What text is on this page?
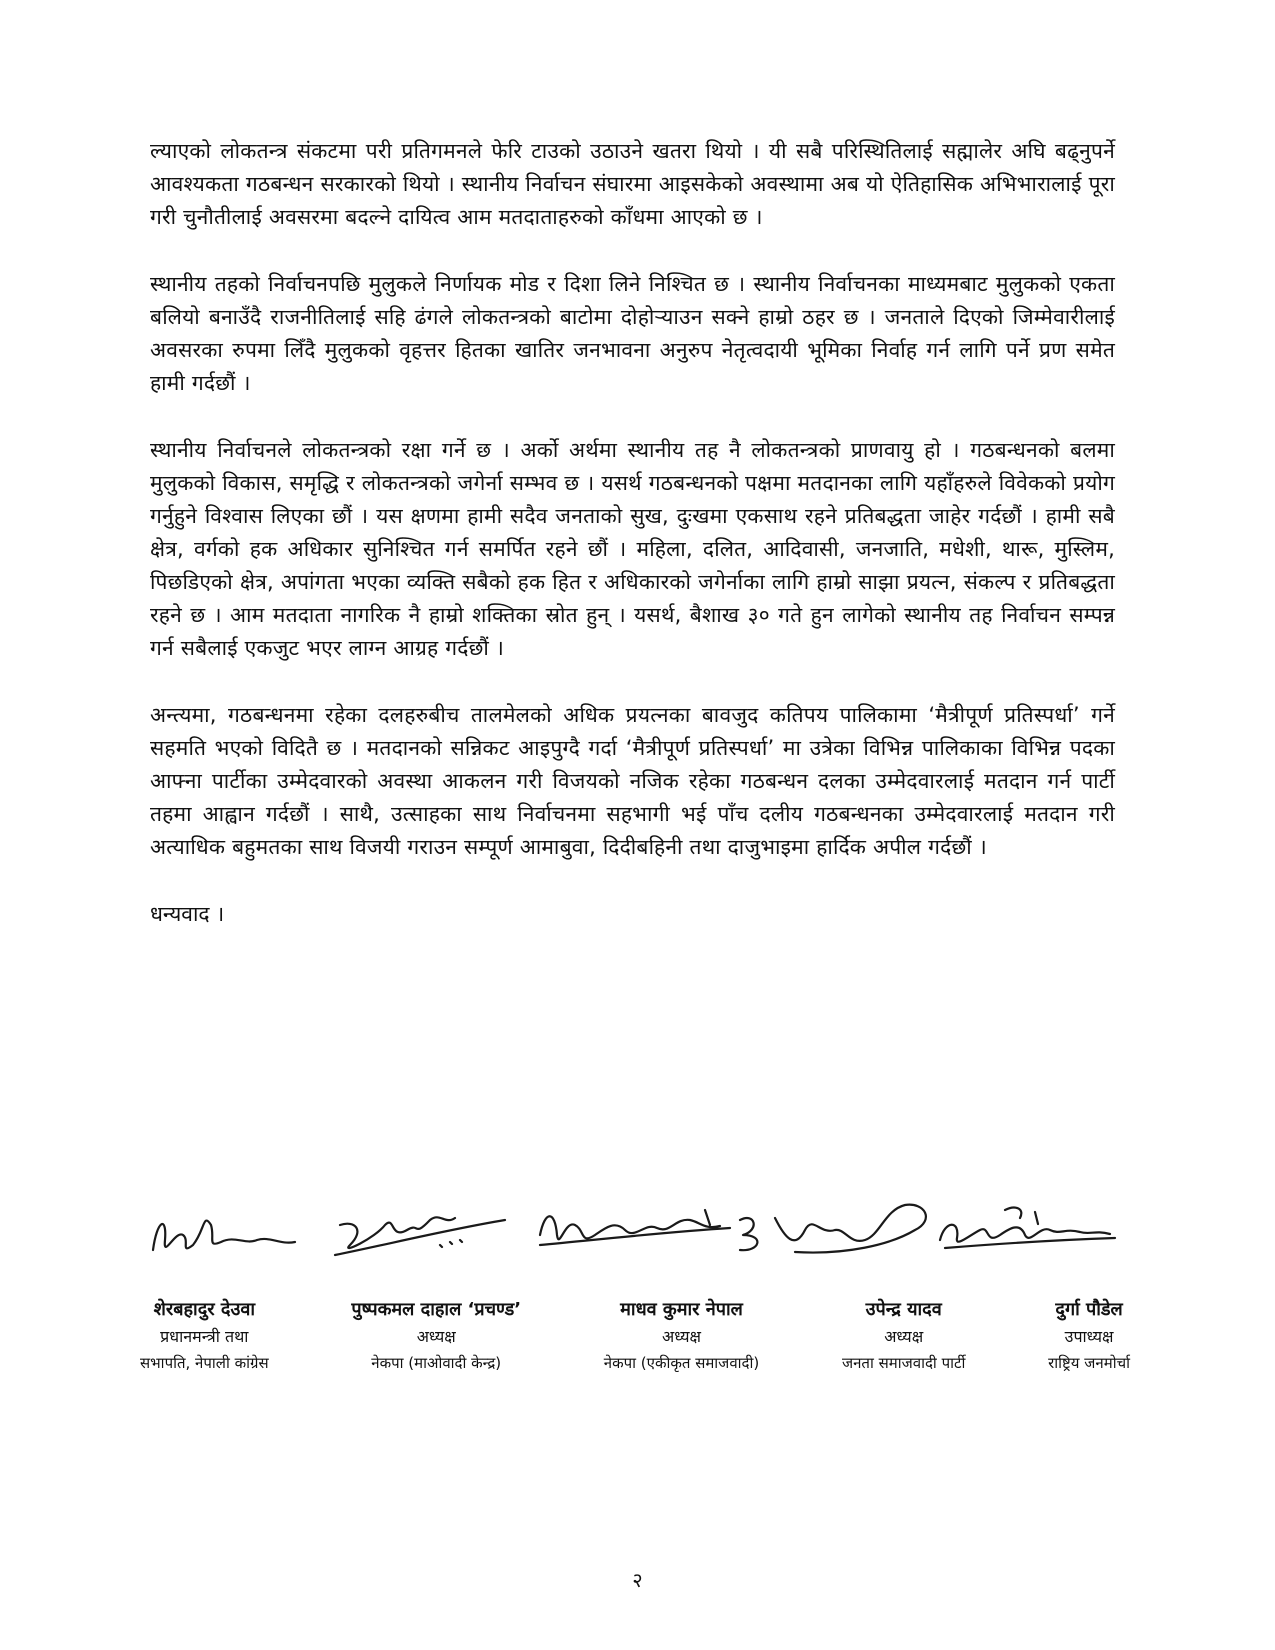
ल्याएको लोकतन्त्र संकटमा परी प्रतिगमनले फेरि टाउको उठाउने खतरा थियो । यी सबै परिस्थितिलाई सह्मालेर अघि बढ्नुपर्ने आवश्यकता गठबन्धन सरकारको थियो । स्थानीय निर्वाचन संघारमा आइसकेको अवस्थामा अब यो ऐतिहासिक अभिभारालाई पूरा गरी चुनौतीलाई अवसरमा बदल्ने दायित्व आम मतदाताहरुको काँधमा आएको छ ।

स्थानीय तहको निर्वाचनपछि मुलुकले निर्णायक मोड र दिशा लिने निश्चित छ । स्थानीय निर्वाचनका माध्यमबाट मुलुकको एकता बलियो बनाउँदै राजनीतिलाई सहि ढंगले लोकतन्त्रको बाटोमा दोहोर्‍याउन सक्ने हाम्रो ठहर छ । जनताले दिएको जिम्मेवारीलाई अवसरका रुपमा लिँदै मुलुकको वृहत्तर हितका खातिर जनभावना अनुरुप नेतृत्वदायी भूमिका निर्वाह गर्न लागि पर्ने प्रण समेत हामी गर्दछौं ।

स्थानीय निर्वाचनले लोकतन्त्रको रक्षा गर्ने छ । अर्को अर्थमा स्थानीय तह नै लोकतन्त्रको प्राणवायु हो । गठबन्धनको बलमा मुलुकको विकास, समृद्धि र लोकतन्त्रको जगेर्ना सम्भव छ । यसर्थ गठबन्धनको पक्षमा मतदानका लागि यहाँहरुले विवेकको प्रयोग गर्नुहुने विश्वास लिएका छौं । यस क्षणमा हामी सदैव जनताको सुख, दुःखमा एकसाथ रहने प्रतिबद्धता जाहेर गर्दछौं । हामी सबै क्षेत्र, वर्गको हक अधिकार सुनिश्चित गर्न समर्पित रहने छौं । महिला, दलित, आदिवासी, जनजाति, मधेशी, थारू, मुस्लिम, पिछडिएको क्षेत्र, अपांगता भएका व्यक्ति सबैको हक हित र अधिकारको जगेर्नाका लागि हाम्रो साझा प्रयत्न, संकल्प र प्रतिबद्धता रहने छ । आम मतदाता नागरिक नै हाम्रो शक्तिका स्रोत हुन् । यसर्थ, बैशाख ३० गते हुन लागेको स्थानीय तह निर्वाचन सम्पन्न गर्न सबैलाई एकजुट भएर लाग्न आग्रह गर्दछौं ।

अन्त्यमा, गठबन्धनमा रहेका दलहरुबीच तालमेलको अधिक प्रयत्नका बावजुद कतिपय पालिकामा ‘मैत्रीपूर्ण प्रतिस्पर्धा’ गर्ने सहमति भएको विदितै छ । मतदानको सन्निकट आइपुग्दै गर्दा ‘मैत्रीपूर्ण प्रतिस्पर्धा’ मा उत्रेका विभिन्न पालिकाका विभिन्न पदका आफ्ना पार्टीका उम्मेदवारको अवस्था आकलन गरी विजयको नजिक रहेका गठबन्धन दलका उम्मेदवारलाई मतदान गर्न पार्टी तहमा आह्वान गर्दछौं । साथै, उत्साहका साथ निर्वाचनमा सहभागी भई पाँच दलीय गठबन्धनका उम्मेदवारलाई मतदान गरी अत्याधिक बहुमतका साथ विजयी गराउन सम्पूर्ण आमाबुवा, दिदीबहिनी तथा दाजुभाइमा हार्दिक अपील गर्दछौं ।

धन्यवाद ।

शेरबहादुर देउवा
प्रधानमन्त्री तथा
सभापति, नेपाली कांग्रेस
पुष्पकमल दाहाल ‘प्रचण्ड’
अध्यक्ष
नेकपा (माओवादी केन्द्र)
माधव कुमार नेपाल
अध्यक्ष
नेकपा (एकीकृत समाजवादी)
उपेन्द्र यादव
अध्यक्ष
जनता समाजवादी पार्टी
दुर्गा पौडेल
उपाध्यक्ष
राष्ट्रिय जनमोर्चा
२
